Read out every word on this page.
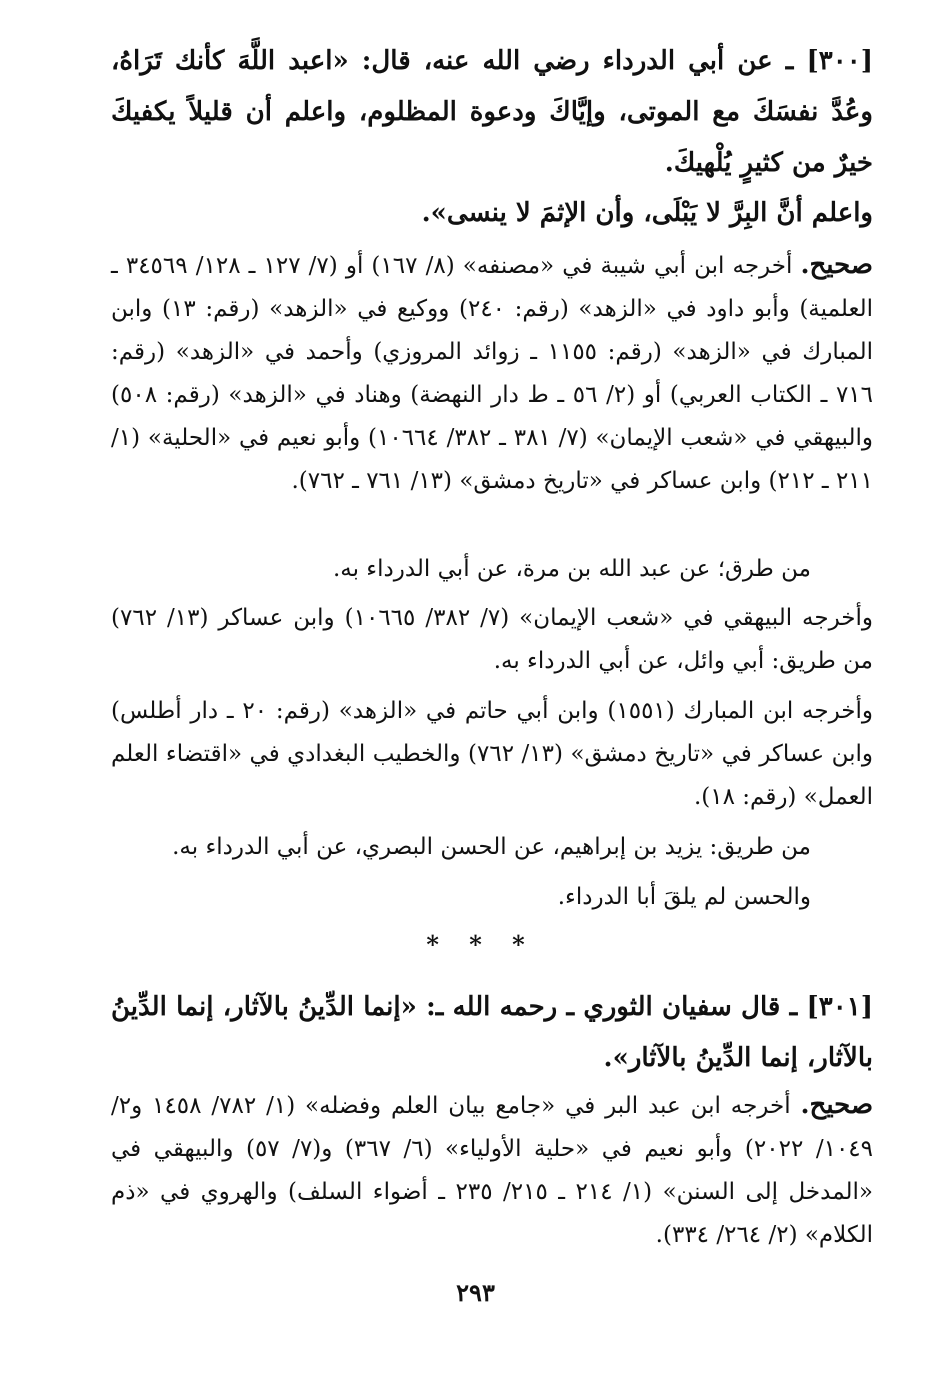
[٣٠٠] ـ عن أبي الدرداء رضي الله عنه، قال: «اعبد اللَّهَ كأنك تَرَاهُ، وعُدَّ نفسَكَ مع الموتى، وإيَّاكَ ودعوة المظلوم، واعلم أن قليلاً يكفيكَ خيرٌ من كثيرٍ يُلْهيكَ.

واعلم أنَّ البِرَّ لا يَبْلَى، وأن الإثمَ لا ينسى».

صحيح. أخرجه ابن أبي شيبة في «مصنفه» (٨/ ١٦٧) أو (٧/ ١٢٧ ـ ١٢٨/ ٣٤٥٦٩ ـ العلمية) وأبو داود في «الزهد» (رقم: ٢٤٠) ووكيع في «الزهد» (رقم: ١٣) وابن المبارك في «الزهد» (رقم: ١١٥٥ ـ زوائد المروزي) وأحمد في «الزهد» (رقم: ٧١٦ ـ الكتاب العربي) أو (٢/ ٥٦ ـ ط دار النهضة) وهناد في «الزهد» (رقم: ٥٠٨) والبيهقي في «شعب الإيمان» (٧/ ٣٨١ ـ ٣٨٢/ ١٠٦٦٤) وأبو نعيم في «الحلية» (١/ ٢١١ ـ ٢١٢) وابن عساكر في «تاريخ دمشق» (١٣/ ٧٦١ ـ ٧٦٢).

من طرق؛ عن عبد الله بن مرة، عن أبي الدرداء به.

وأخرجه البيهقي في «شعب الإيمان» (٧/ ٣٨٢/ ١٠٦٦٥) وابن عساكر (١٣/ ٧٦٢) من طريق: أبي وائل، عن أبي الدرداء به.

وأخرجه ابن المبارك (١٥٥١) وابن أبي حاتم في «الزهد» (رقم: ٢٠ ـ دار أطلس) وابن عساكر في «تاريخ دمشق» (١٣/ ٧٦٢) والخطيب البغدادي في «اقتضاء العلم العمل» (رقم: ١٨).

من طريق: يزيد بن إبراهيم، عن الحسن البصري، عن أبي الدرداء به.

والحسن لم يلقَ أبا الدرداء.

* * *

[٣٠١] ـ قال سفيان الثوري ـ رحمه الله ـ: «إنما الدِّينُ بالآثار، إنما الدِّينُ بالآثار، إنما الدِّينُ بالآثار».

صحيح. أخرجه ابن عبد البر في «جامع بيان العلم وفضله» (١/ ٧٨٢/ ١٤٥٨ و٢/ ١٠٤٩/ ٢٠٢٢) وأبو نعيم في «حلية الأولياء» (٦/ ٣٦٧) و(٧/ ٥٧) والبيهقي في «المدخل إلى السنن» (١/ ٢١٤ ـ ٢١٥/ ٢٣٥ ـ أضواء السلف) والهروي في «ذم الكلام» (٢/ ٢٦٤/ ٣٣٤).

٢٩٣
